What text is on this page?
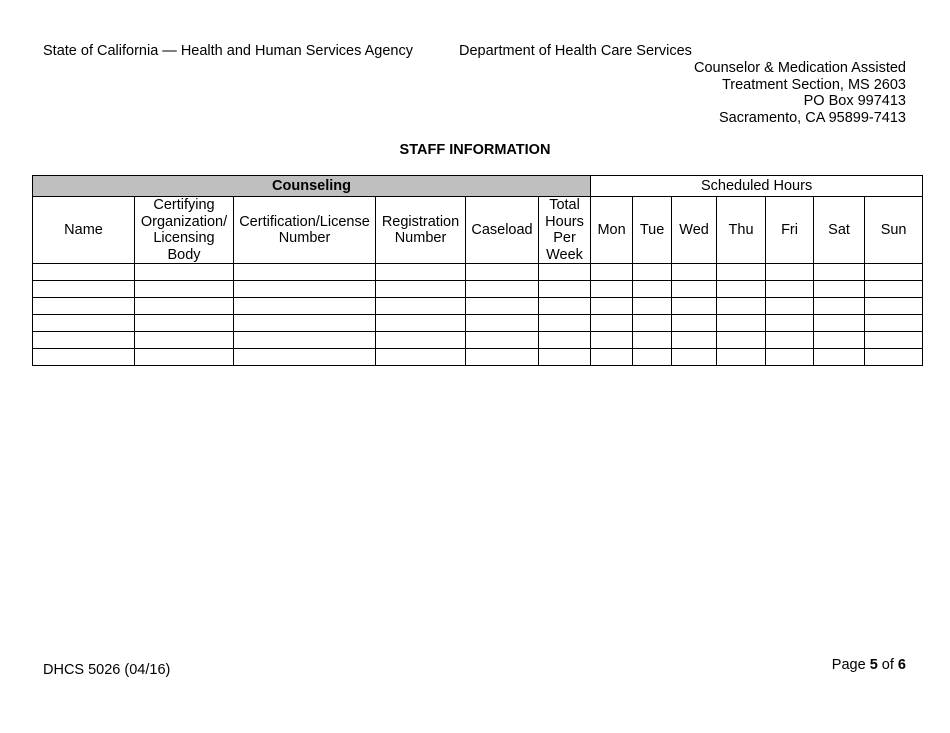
State of California — Health and Human Services Agency	Department of Health Care Services
Counselor & Medication Assisted
Treatment Section, MS 2603
PO Box 997413
Sacramento, CA 95899-7413
STAFF INFORMATION
Counseling						Scheduled Hours						
Name	Certifying Organization/ Licensing Body	Certification/License Number	Registration Number	Caseload	Total Hours Per Week	Mon	Tue	Wed	Thu	Fri	Sat	Sun

DHCS 5026 (04/16)	Page 5 of 6
